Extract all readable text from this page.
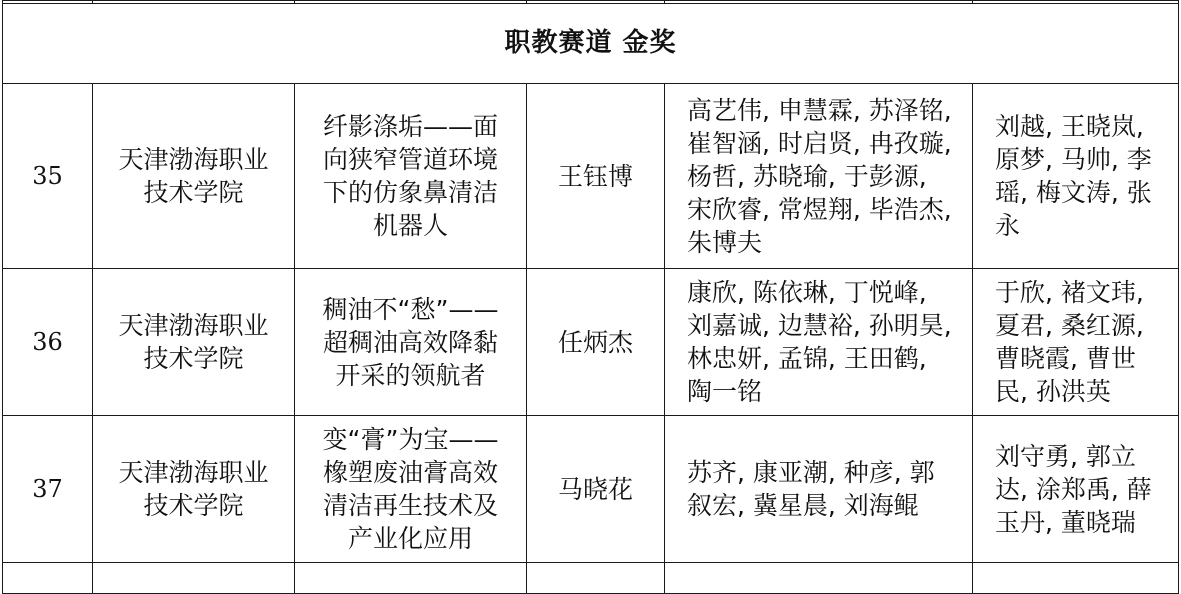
职教赛道 金奖					
35	天津渤海职业技术学院	纤影涤垢——面向狭窄管道环境下的仿象鼻清洁机器人	王钰博	高艺伟, 申慧霖, 苏泽铭, 崔智涵, 时启贤, 冉孜璇, 杨哲, 苏晓瑜, 于彭源, 宋欣睿, 常煜翔, 毕浩杰, 朱博夫	刘越, 王晓岚, 原梦, 马帅, 李瑶, 梅文涛, 张永
36	天津渤海职业技术学院	稠油不“愁”—— 超稠油高效降黏开采的领航者	任炳杰	康欣, 陈依琳, 丁悦峰, 刘嘉诚, 边慧裕, 孙明昊, 林忠妍, 孟锦, 王田鹤, 陶一铭	于欣, 褚文玮, 夏君, 桑红源, 曹晓霞, 曹世民, 孙洪英
37	天津渤海职业技术学院	变“膏”为宝——橡塑废油膏高效清洁再生技术及产业化应用	马晓花	苏齐, 康亚潮, 种彦, 郭叙宏, 冀星晨, 刘海鲲	刘守勇, 郭立达, 涂郑禹, 薛玉丹, 董晓瑞
